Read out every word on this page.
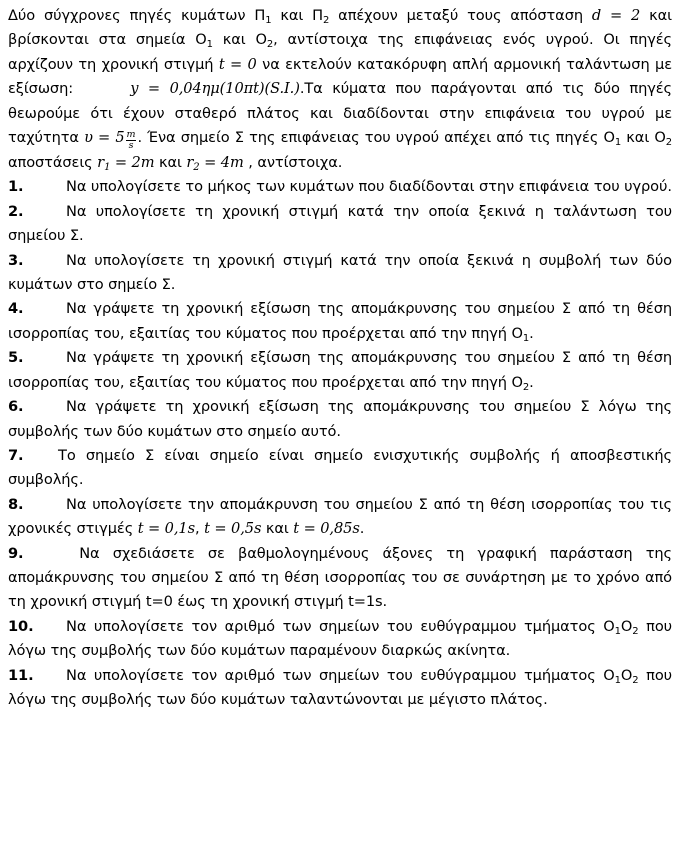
Δύο σύγχρονες πηγές κυμάτων $\Pi_1$ και $\Pi_2$ απέχουν μεταξύ τους απόσταση d = 2 και βρίσκονται στα σημεία $O_1$ και $O_2$, αντίστοιχα της επιφάνειας ενός υγρού. Οι πηγές αρχίζουν τη χρονική στιγμή t = 0 να εκτελούν κατακόρυφη απλή αρμονική ταλάντωση με εξίσωση:	y = 0,04ημ(10πt)(S.I.).Τα κύματα που παράγονται από τις δύο πηγές θεωρούμε ότι έχουν σταθερό πλάτος και διαδίδονται στην επιφάνεια του υγρού με ταχύτητα $\upsilon = 5 \frac{m}{s}$ . Ένα σημείο Σ της επιφάνειας του υγρού απέχει από τις πηγές $O_1$ και $O_2$ αποστάσεις $r_1 = 2m$ και $r_2 = 4m$ , αντίστοιχα.

1.	Να υπολογίσετε το μήκος των κυμάτων που διαδίδονται στην επιφάνεια του υγρού.

2.	Να υπολογίσετε τη χρονική στιγμή κατά την οποία ξεκινά η ταλάντωση του σημείου Σ.

3.	Να υπολογίσετε τη χρονική στιγμή κατά την οποία ξεκινά η συμβολή των δύο κυμάτων στο σημείο Σ.

4.	Να γράψετε τη χρονική εξίσωση της απομάκρυνσης του σημείου Σ από τη θέση ισορροπίας του, εξαιτίας του κύματος που προέρχεται από την πηγή $O_1$.

5.	Να γράψετε τη χρονική εξίσωση της απομάκρυνσης του σημείου Σ από τη θέση ισορροπίας του, εξαιτίας του κύματος που προέρχεται από την πηγή $O_2$.

6.	Να γράψετε τη χρονική εξίσωση της απομάκρυνσης του σημείου Σ λόγω της συμβολής των δύο κυμάτων στο σημείο αυτό.

7. Το σημείο Σ είναι σημείο είναι σημείο ενισχυτικής συμβολής ή αποσβεστικής συμβολής.

8.	Να υπολογίσετε την απομάκρυνση του σημείου Σ από τη θέση ισορροπίας του τις χρονικές στιγμές t = 0,1s, t = 0,5s και t = 0,85s.

9.	Να σχεδιάσετε σε βαθμολογημένους άξονες τη γραφική παράσταση της απομάκρυνσης του σημείου Σ από τη θέση ισορροπίας του σε συνάρτηση με το χρόνο από τη χρονική στιγμή t=0 έως τη χρονική στιγμή t=1s.

10. Να υπολογίσετε τον αριθμό των σημείων του ευθύγραμμου τμήματος $O_1O_2$ που λόγω της συμβολής των δύο κυμάτων παραμένουν διαρκώς ακίνητα.

11. Να υπολογίσετε τον αριθμό των σημείων του ευθύγραμμου τμήματος $O_1O_2$ που λόγω της συμβολής των δύο κυμάτων ταλαντώνονται με μέγιστο πλάτος.
